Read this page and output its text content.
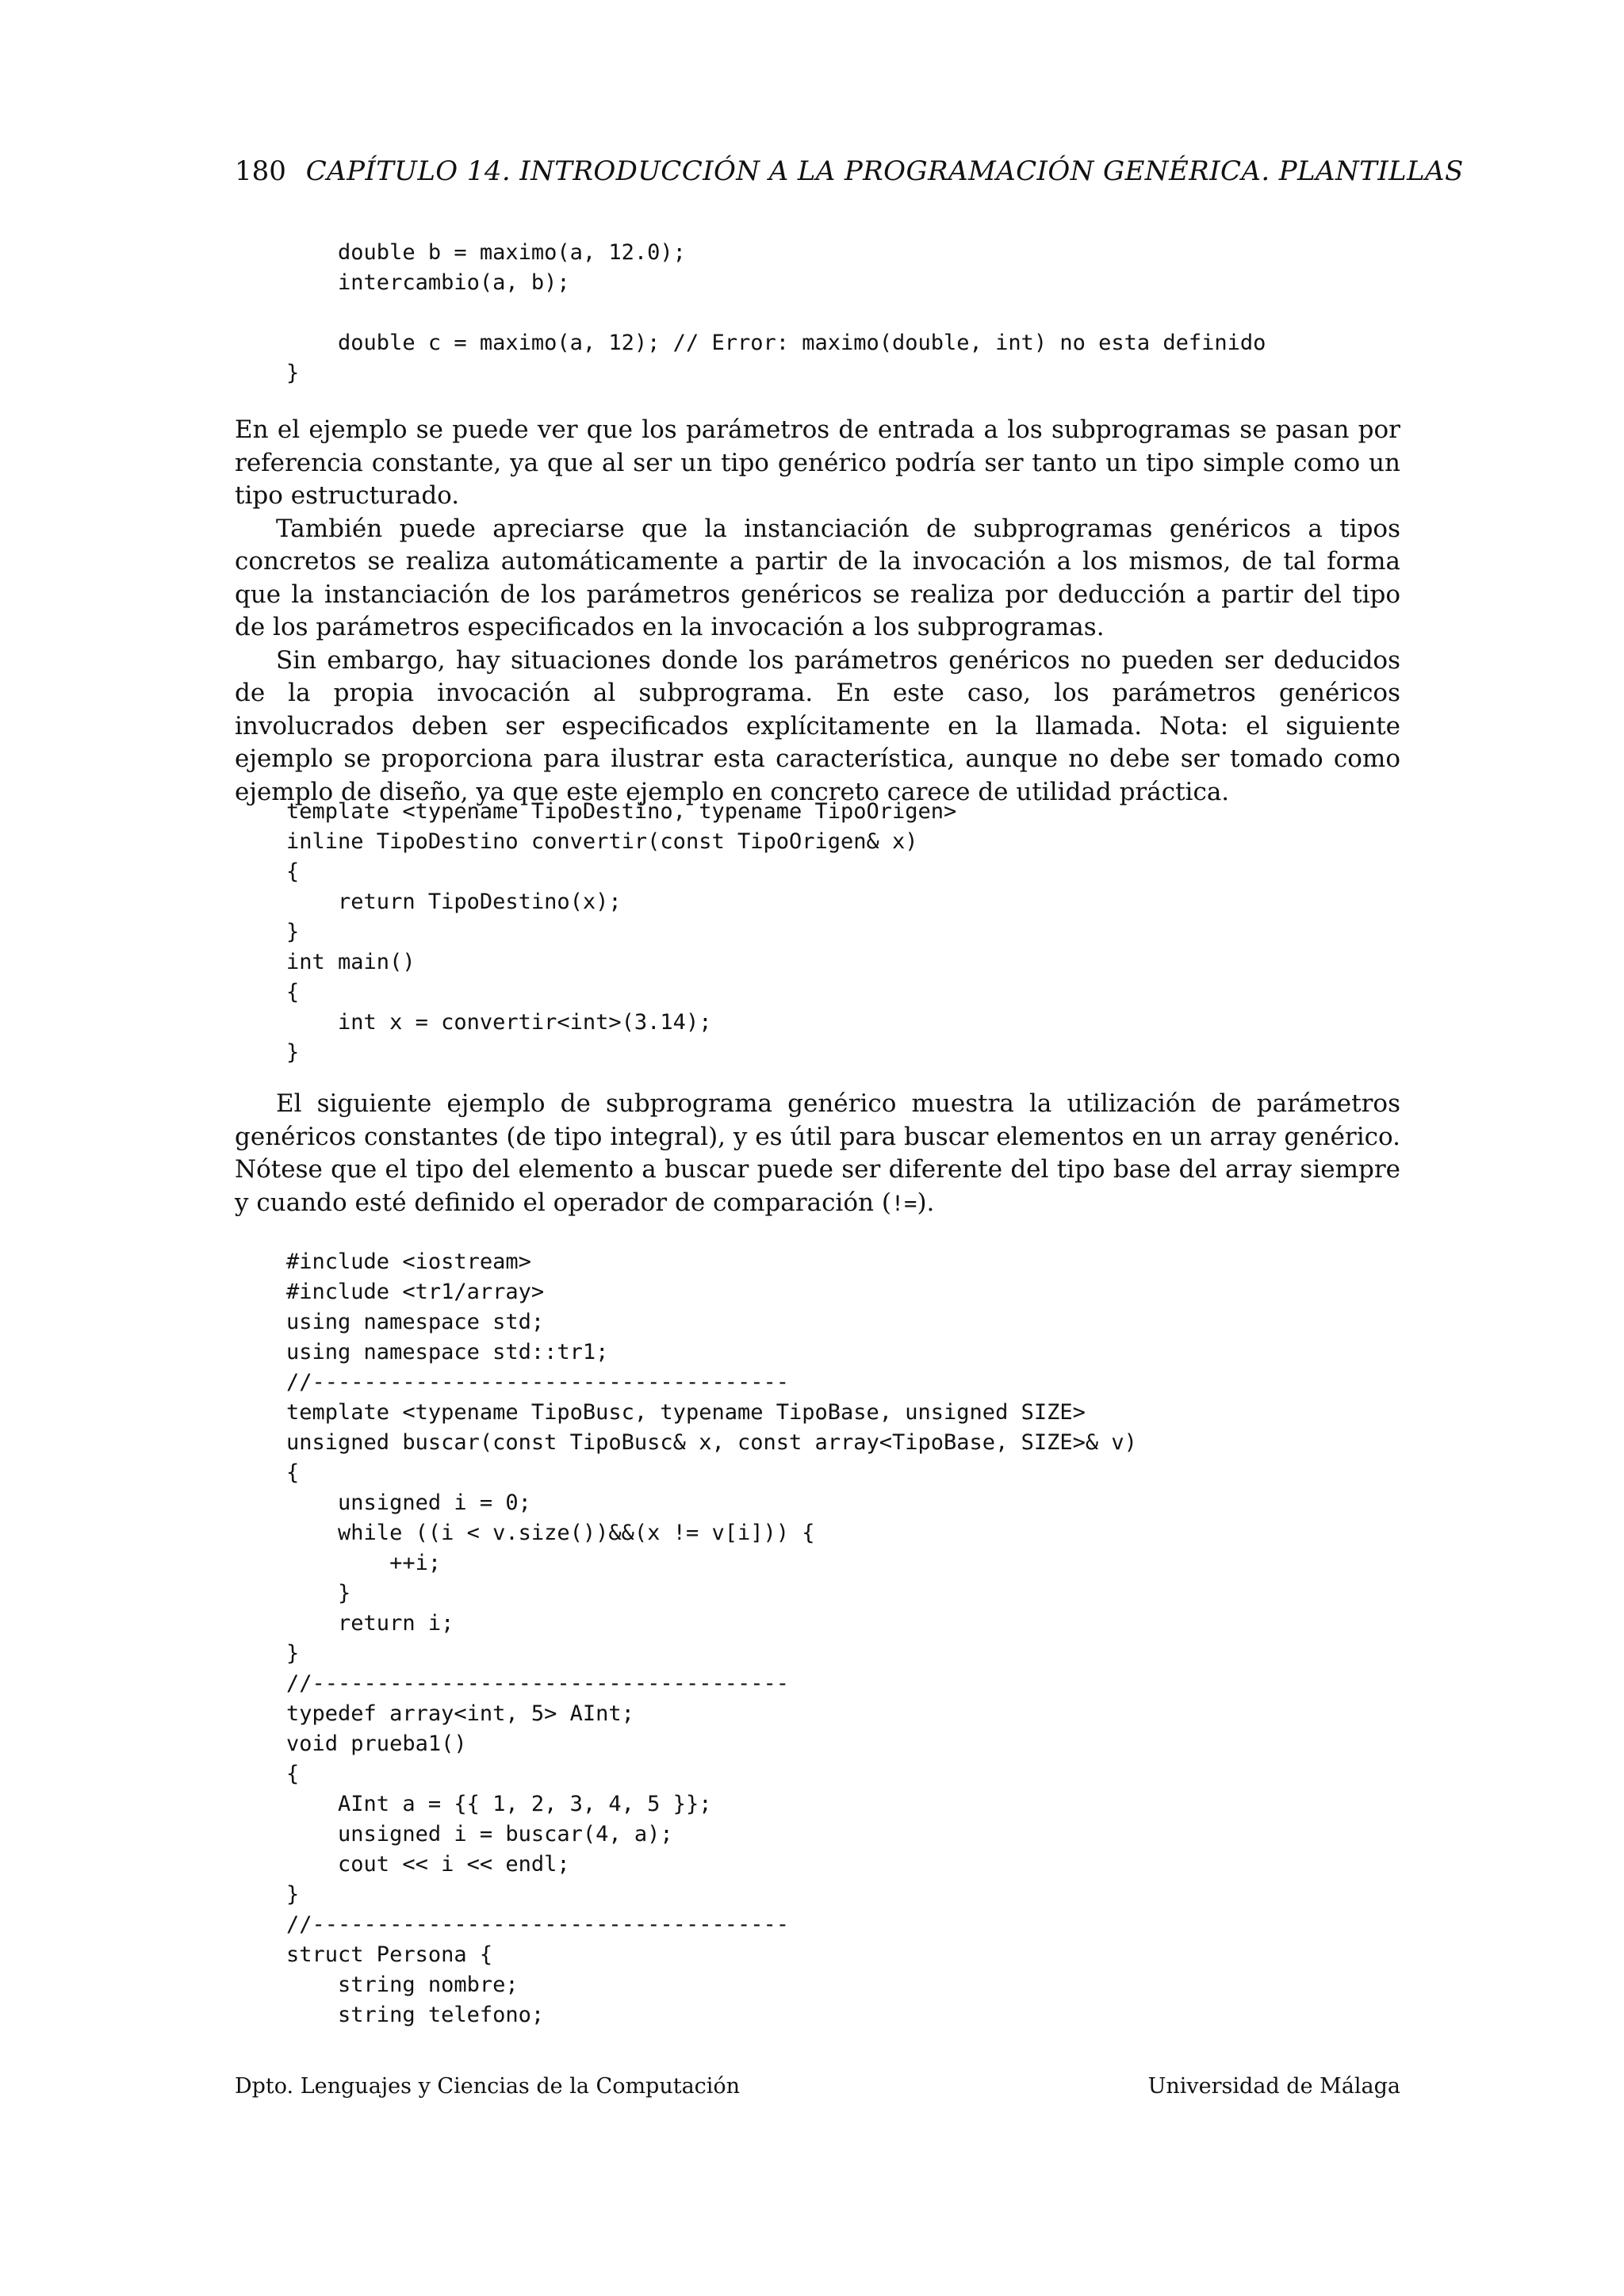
180 CAPÍTULO 14. INTRODUCCIÓN A LA PROGRAMACIÓN GENÉRICA. PLANTILLAS
double b = maximo(a, 12.0);
intercambio(a, b);
double c = maximo(a, 12); // Error: maximo(double, int) no esta definido
}

En el ejemplo se puede ver que los parámetros de entrada a los subprogramas se pasan por referencia constante, ya que al ser un tipo genérico podría ser tanto un tipo simple como un tipo estructurado.

También puede apreciarse que la instanciación de subprogramas genéricos a tipos concretos se realiza automáticamente a partir de la invocación a los mismos, de tal forma que la instanciación de los parámetros genéricos se realiza por deducción a partir del tipo de los parámetros especificados en la invocación a los subprogramas.

Sin embargo, hay situaciones donde los parámetros genéricos no pueden ser deducidos de la propia invocación al subprograma. En este caso, los parámetros genéricos involucrados deben ser especificados explícitamente en la llamada. Nota: el siguiente ejemplo se proporciona para ilustrar esta característica, aunque no debe ser tomado como ejemplo de diseño, ya que este ejemplo en concreto carece de utilidad práctica.

template <typename TipoDestino, typename TipoOrigen>
inline TipoDestino convertir(const TipoOrigen& x)
{
return TipoDestino(x);
}
int main()
{
int x = convertir<int>(3.14);
}

El siguiente ejemplo de subprograma genérico muestra la utilización de parámetros genéricos constantes (de tipo integral), y es útil para buscar elementos en un array genérico. Nótese que el tipo del elemento a buscar puede ser diferente del tipo base del array siempre y cuando esté definido el operador de comparación (!=).

#include <iostream>
#include <tr1/array>
using namespace std;
using namespace std::tr1;
//-------------------------------------
template <typename TipoBusc, typename TipoBase, unsigned SIZE>
unsigned buscar(const TipoBusc& x, const array<TipoBase, SIZE>& v)
{
unsigned i = 0;
while ((i < v.size())&&(x != v[i])) {
++i;
}
return i;
}
//-------------------------------------
typedef array<int, 5> AInt;
void prueba1()
{
AInt a = {{ 1, 2, 3, 4, 5 }};
unsigned i = buscar(4, a);
cout << i << endl;
}
//-------------------------------------
struct Persona {
string nombre;
string telefono;
Dpto. Lenguajes y Ciencias de la Computación	Universidad de Málaga
